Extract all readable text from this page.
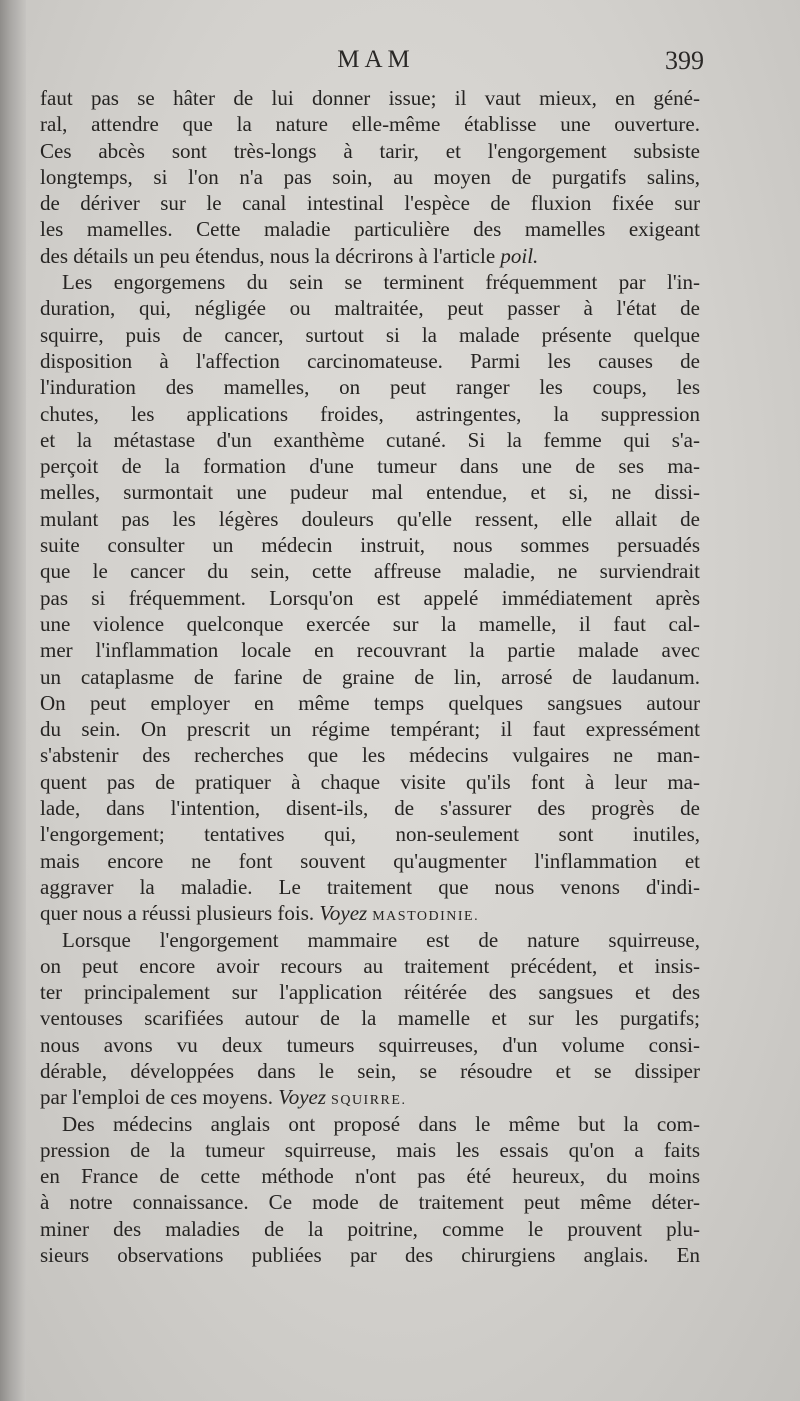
MAM	399
faut pas se hâter de lui donner issue; il vaut mieux, en géné-
ral, attendre que la nature elle-même établisse une ouverture.
Ces abcès sont très-longs à tarir, et l'engorgement subsiste
longtemps, si l'on n'a pas soin, au moyen de purgatifs salins,
de dériver sur le canal intestinal l'espèce de fluxion fixée sur
les mamelles. Cette maladie particulière des mamelles exigeant
des détails un peu étendus, nous la décrirons à l'article poil.
Les engorgemens du sein se terminent fréquemment par l'in-
duration, qui, négligée ou maltraitée, peut passer à l'état de
squirre, puis de cancer, surtout si la malade présente quelque
disposition à l'affection carcinomateuse. Parmi les causes de
l'induration des mamelles, on peut ranger les coups, les
chutes, les applications froides, astringentes, la suppression
et la métastase d'un exanthème cutané. Si la femme qui s'a-
perçoit de la formation d'une tumeur dans une de ses ma-
melles, surmontait une pudeur mal entendue, et si, ne dissi-
mulant pas les légères douleurs qu'elle ressent, elle allait de
suite consulter un médecin instruit, nous sommes persuadés
que le cancer du sein, cette affreuse maladie, ne surviendrait
pas si fréquemment. Lorsqu'on est appelé immédiatement après
une violence quelconque exercée sur la mamelle, il faut cal-
mer l'inflammation locale en recouvrant la partie malade avec
un cataplasme de farine de graine de lin, arrosé de laudanum.
On peut employer en même temps quelques sangsues autour
du sein. On prescrit un régime tempérant; il faut expressément
s'abstenir des recherches que les médecins vulgaires ne man-
quent pas de pratiquer à chaque visite qu'ils font à leur ma-
lade, dans l'intention, disent-ils, de s'assurer des progrès de
l'engorgement; tentatives qui, non-seulement sont inutiles,
mais encore ne font souvent qu'augmenter l'inflammation et
aggraver la maladie. Le traitement que nous venons d'indi-
quer nous a réussi plusieurs fois. Voyez MASTODINIE.
Lorsque l'engorgement mammaire est de nature squirreuse,
on peut encore avoir recours au traitement précédent, et insis-
ter principalement sur l'application réitérée des sangsues et des
ventouses scarifiées autour de la mamelle et sur les purgatifs;
nous avons vu deux tumeurs squirreuses, d'un volume consi-
dérable, développées dans le sein, se résoudre et se dissiper
par l'emploi de ces moyens. Voyez SQUIRRE.
Des médecins anglais ont proposé dans le même but la com-
pression de la tumeur squirreuse, mais les essais qu'on a faits
en France de cette méthode n'ont pas été heureux, du moins
à notre connaissance. Ce mode de traitement peut même déter-
miner des maladies de la poitrine, comme le prouvent plu-
sieurs observations publiées par des chirurgiens anglais. En
